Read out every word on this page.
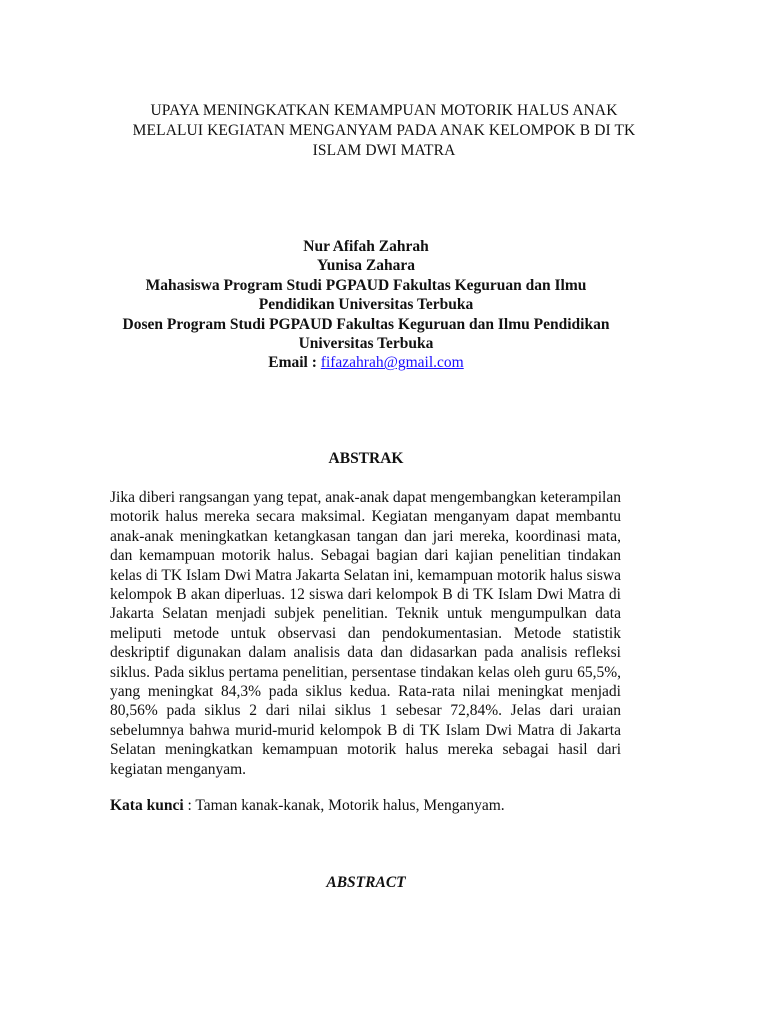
UPAYA MENINGKATKAN KEMAMPUAN MOTORIK HALUS ANAK
MELALUI KEGIATAN MENGANYAM PADA ANAK KELOMPOK B DI TK
ISLAM DWI MATRA
Nur Afifah Zahrah
Yunisa Zahara
Mahasiswa Program Studi PGPAUD Fakultas Keguruan dan Ilmu
Pendidikan Universitas Terbuka
Dosen Program Studi PGPAUD Fakultas Keguruan dan Ilmu Pendidikan
Universitas Terbuka
Email : fifazahrah@gmail.com
ABSTRAK
Jika diberi rangsangan yang tepat, anak-anak dapat mengembangkan keterampilan motorik halus mereka secara maksimal. Kegiatan menganyam dapat membantu anak-anak meningkatkan ketangkasan tangan dan jari mereka, koordinasi mata, dan kemampuan motorik halus. Sebagai bagian dari kajian penelitian tindakan kelas di TK Islam Dwi Matra Jakarta Selatan ini, kemampuan motorik halus siswa kelompok B akan diperluas. 12 siswa dari kelompok B di TK Islam Dwi Matra di Jakarta Selatan menjadi subjek penelitian. Teknik untuk mengumpulkan data meliputi metode untuk observasi dan pendokumentasian. Metode statistik deskriptif digunakan dalam analisis data dan didasarkan pada analisis refleksi siklus. Pada siklus pertama penelitian, persentase tindakan kelas oleh guru 65,5%, yang meningkat 84,3% pada siklus kedua. Rata-rata nilai meningkat menjadi 80,56% pada siklus 2 dari nilai siklus 1 sebesar 72,84%. Jelas dari uraian sebelumnya bahwa murid-murid kelompok B di TK Islam Dwi Matra di Jakarta Selatan meningkatkan kemampuan motorik halus mereka sebagai hasil dari kegiatan menganyam.
Kata kunci : Taman kanak-kanak, Motorik halus, Menganyam.
ABSTRACT
